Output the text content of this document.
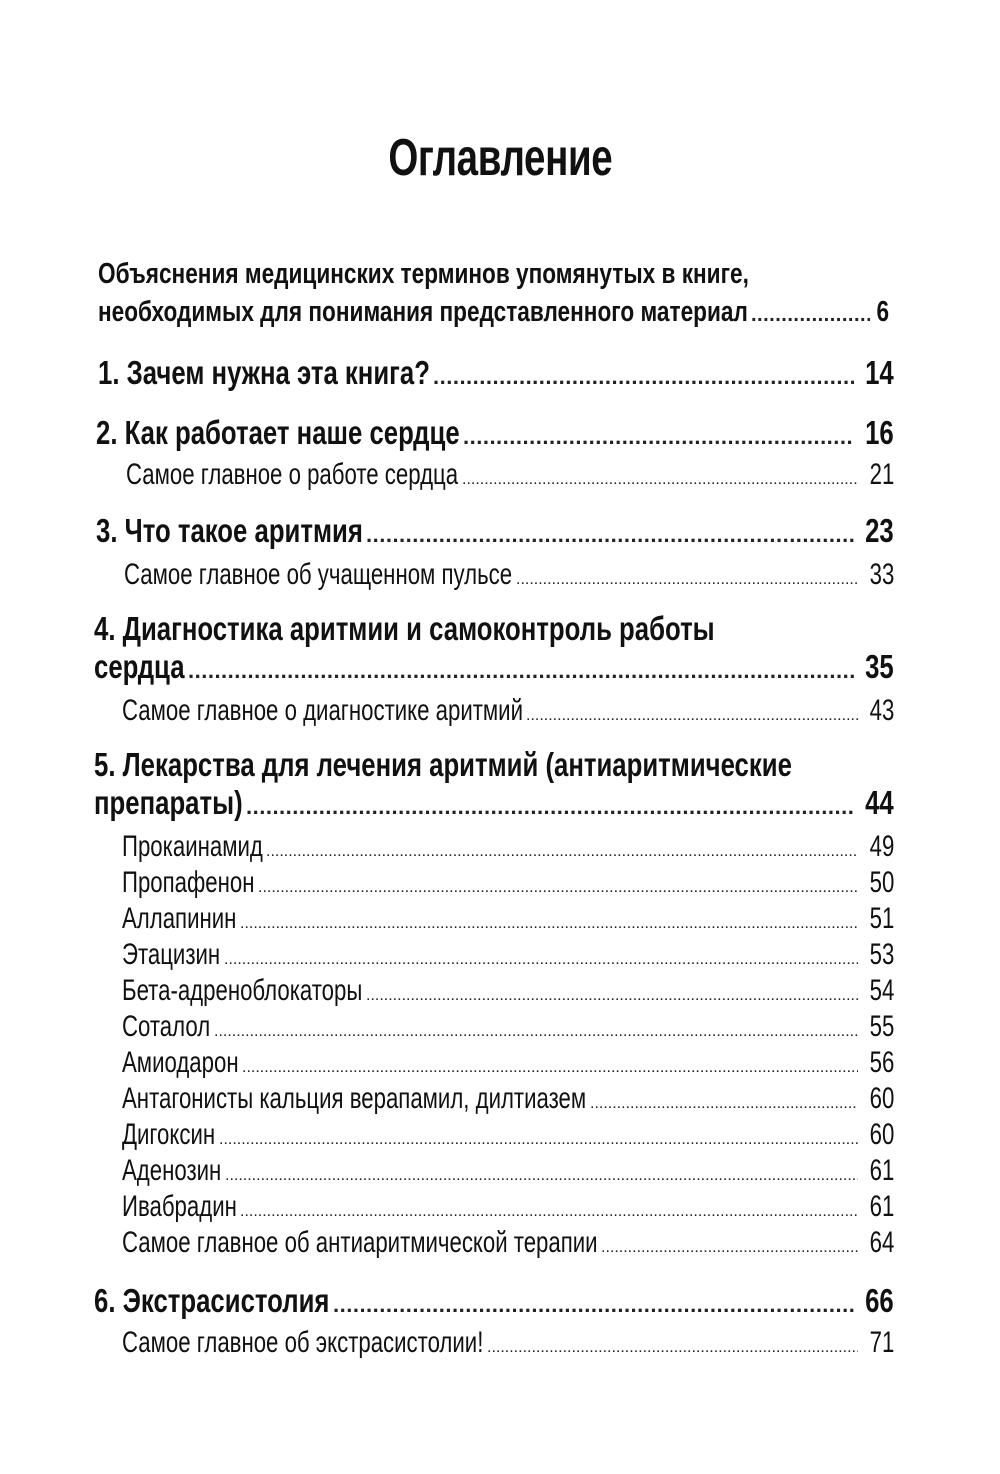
Оглавление
Объяснения медицинских терминов упомянутых в книге,
необходимых для понимания представленного материал .....	6
1. Зачем нужна эта книга? .....	14
2. Как работает наше сердце .....	16
Самое главное о работе сердца .....	21
3. Что такое аритмия .....	23
Самое главное об учащенном пульсе .....	33
4. Диагностика аритмии и самоконтроль работы
сердца .....	35
Самое главное о диагностике аритмий .....	43
5. Лекарства для лечения аритмий (антиаритмические
препараты) .....	44
Прокаинамид .....	49
Пропафенон .....	50
Аллапинин .....	51
Этацизин .....	53
Бета-адреноблокаторы .....	54
Соталол .....	55
Амиодарон .....	56
Антагонисты кальция верапамил, дилтиазем .....	60
Дигоксин .....	60
Аденозин .....	61
Ивабрадин .....	61
Самое главное об антиаритмической терапии .....	64
6. Экстрасистолия .....	66
Самое главное об экстрасистолии! .....	71
